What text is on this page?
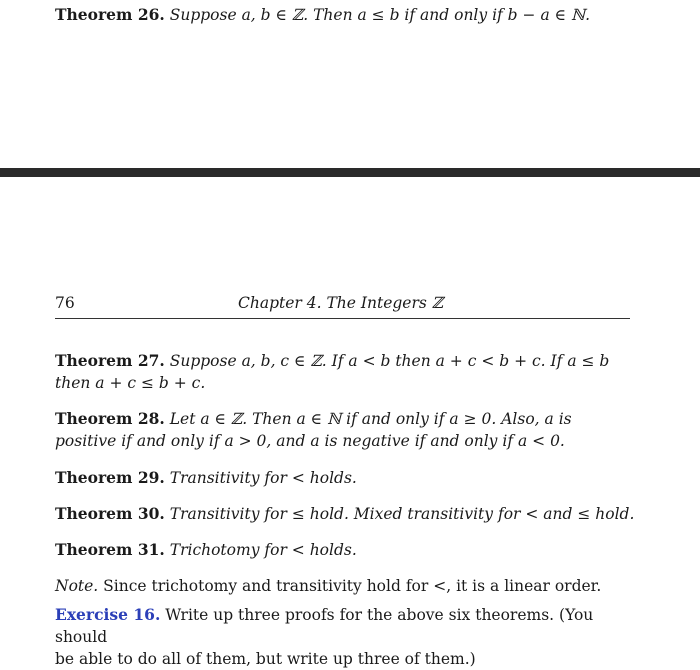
Theorem 26. Suppose a, b ∈ ℤ. Then a ≤ b if and only if b − a ∈ ℕ.
76	Chapter 4. The Integers ℤ
Theorem 27. Suppose a, b, c ∈ ℤ. If a < b then a + c < b + c. If a ≤ b
then a + c ≤ b + c.
Theorem 28. Let a ∈ ℤ. Then a ∈ ℕ if and only if a ≥ 0. Also, a is
positive if and only if a > 0, and a is negative if and only if a < 0.
Theorem 29. Transitivity for < holds.
Theorem 30. Transitivity for ≤ hold. Mixed transitivity for < and ≤ hold.
Theorem 31. Trichotomy for < holds.
Note. Since trichotomy and transitivity hold for <, it is a linear order.
Exercise 16. Write up three proofs for the above six theorems. (You should
be able to do all of them, but write up three of them.)
